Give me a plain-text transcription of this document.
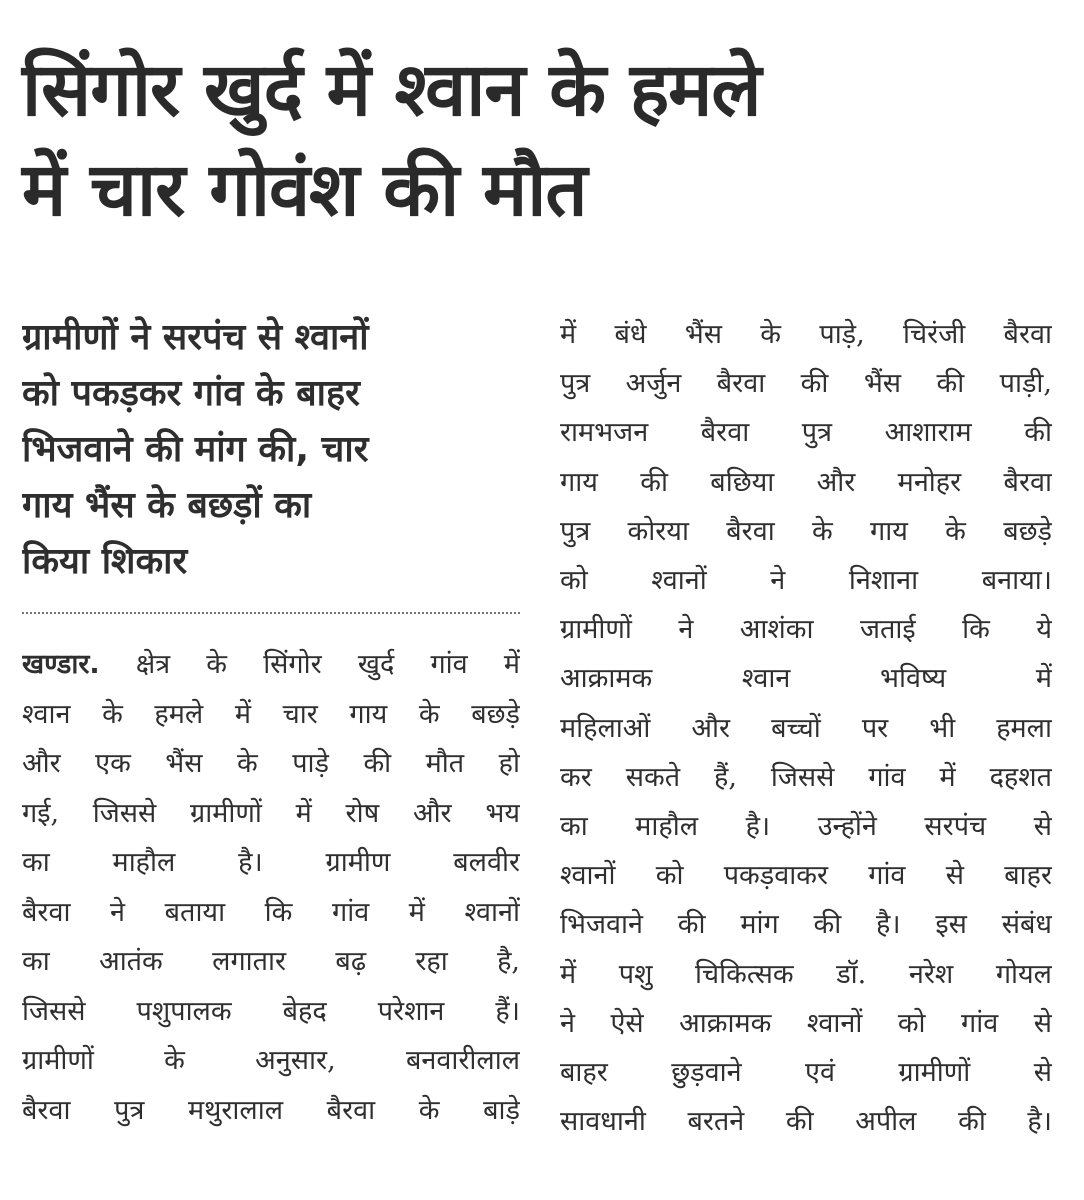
सिंगोर खुर्द में श्वान के हमले
में चार गोवंश की मौत
ग्रामीणों ने सरपंच से श्वानों
को पकड़कर गांव के बाहर
भिजवाने की मांग की, चार
गाय भैंस के बछड़ों का
किया शिकार
खण्डार. क्षेत्र के सिंगोर खुर्द गांव में
श्वान के हमले में चार गाय के बछड़े
और एक भैंस के पाड़े की मौत हो
गई, जिससे ग्रामीणों में रोष और भय
का माहौल है। ग्रामीण बलवीर
बैरवा ने बताया कि गांव में श्वानों
का आतंक लगातार बढ़ रहा है,
जिससे पशुपालक बेहद परेशान हैं।
ग्रामीणों के अनुसार, बनवारीलाल
बैरवा पुत्र मथुरालाल बैरवा के बाड़े
में बंधे भैंस के पाड़े, चिरंजी बैरवा
पुत्र अर्जुन बैरवा की भैंस की पाड़ी,
रामभजन बैरवा पुत्र आशाराम की
गाय की बछिया और मनोहर बैरवा
पुत्र कोरया बैरवा के गाय के बछड़े
को श्वानों ने निशाना बनाया।
ग्रामीणों ने आशंका जताई कि ये
आक्रामक श्वान भविष्य में
महिलाओं और बच्चों पर भी हमला
कर सकते हैं, जिससे गांव में दहशत
का माहौल है। उन्होंने सरपंच से
श्वानों को पकड़वाकर गांव से बाहर
भिजवाने की मांग की है। इस संबंध
में पशु चिकित्सक डॉ. नरेश गोयल
ने ऐसे आक्रामक श्वानों को गांव से
बाहर छुड़वाने एवं ग्रामीणों से
सावधानी बरतने की अपील की है।
